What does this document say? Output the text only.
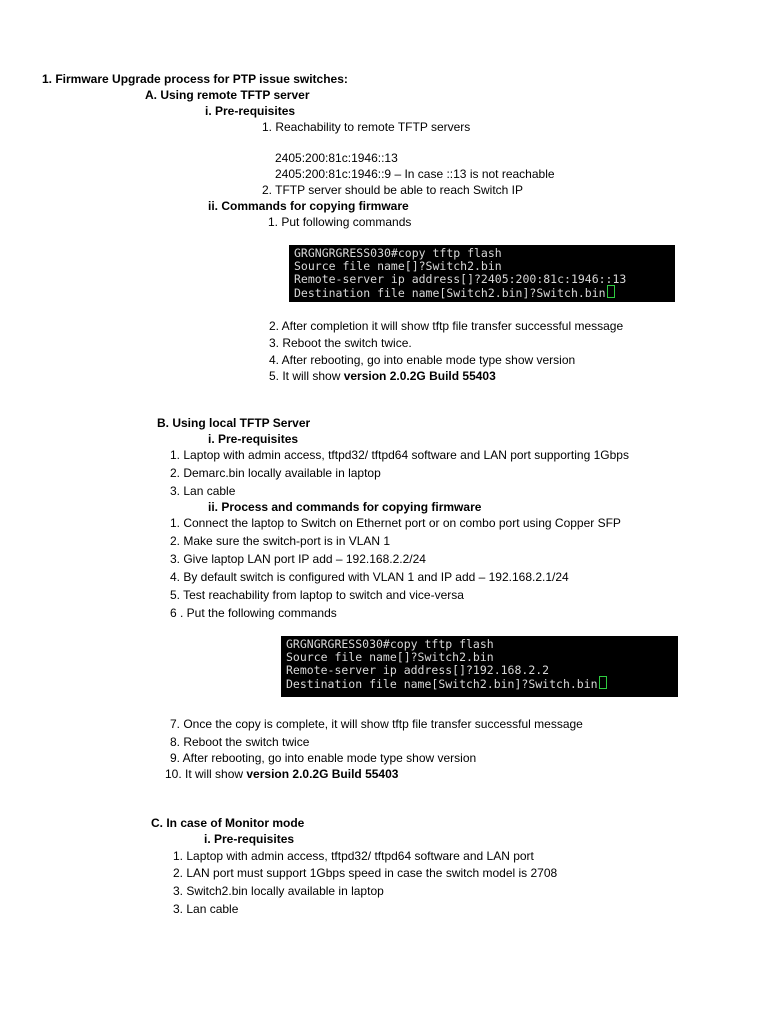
1. Firmware Upgrade process for PTP issue switches:
A. Using remote TFTP server
i. Pre-requisites
1. Reachability to remote TFTP servers
2405:200:81c:1946::13
2405:200:81c:1946::9 – In case ::13 is not reachable
2. TFTP server should be able to reach Switch IP
ii. Commands for copying firmware
1. Put following commands
GRGNGRGRESS030#copy tftp flash
Source file name[]?Switch2.bin
Remote-server ip address[]?2405:200:81c:1946::13
Destination file name[Switch2.bin]?Switch.bin
2. After completion it will show tftp file transfer successful message
3. Reboot the switch twice.
4. After rebooting, go into enable mode type show version
5. It will show version 2.0.2G Build 55403
B. Using local TFTP Server
i. Pre-requisites
1. Laptop with admin access, tftpd32/ tftpd64 software and LAN port supporting 1Gbps
2. Demarc.bin locally available in laptop
3. Lan cable
ii. Process and commands for copying firmware
1. Connect the laptop to Switch on Ethernet port or on combo port using Copper SFP
2. Make sure the switch-port is in VLAN 1
3. Give laptop LAN port IP add – 192.168.2.2/24
4. By default switch is configured with VLAN 1 and IP add – 192.168.2.1/24
5. Test reachability from laptop to switch and vice-versa
6 . Put the following commands
GRGNGRGRESS030#copy tftp flash
Source file name[]?Switch2.bin
Remote-server ip address[]?192.168.2.2
Destination file name[Switch2.bin]?Switch.bin
7. Once the copy is complete, it will show tftp file transfer successful message
8. Reboot the switch twice
9. After rebooting, go into enable mode type show version
10. It will show version 2.0.2G Build 55403
C. In case of Monitor mode
i. Pre-requisites
1. Laptop with admin access, tftpd32/ tftpd64 software and LAN port
2. LAN port must support 1Gbps speed in case the switch model is 2708
3. Switch2.bin locally available in laptop
3. Lan cable
